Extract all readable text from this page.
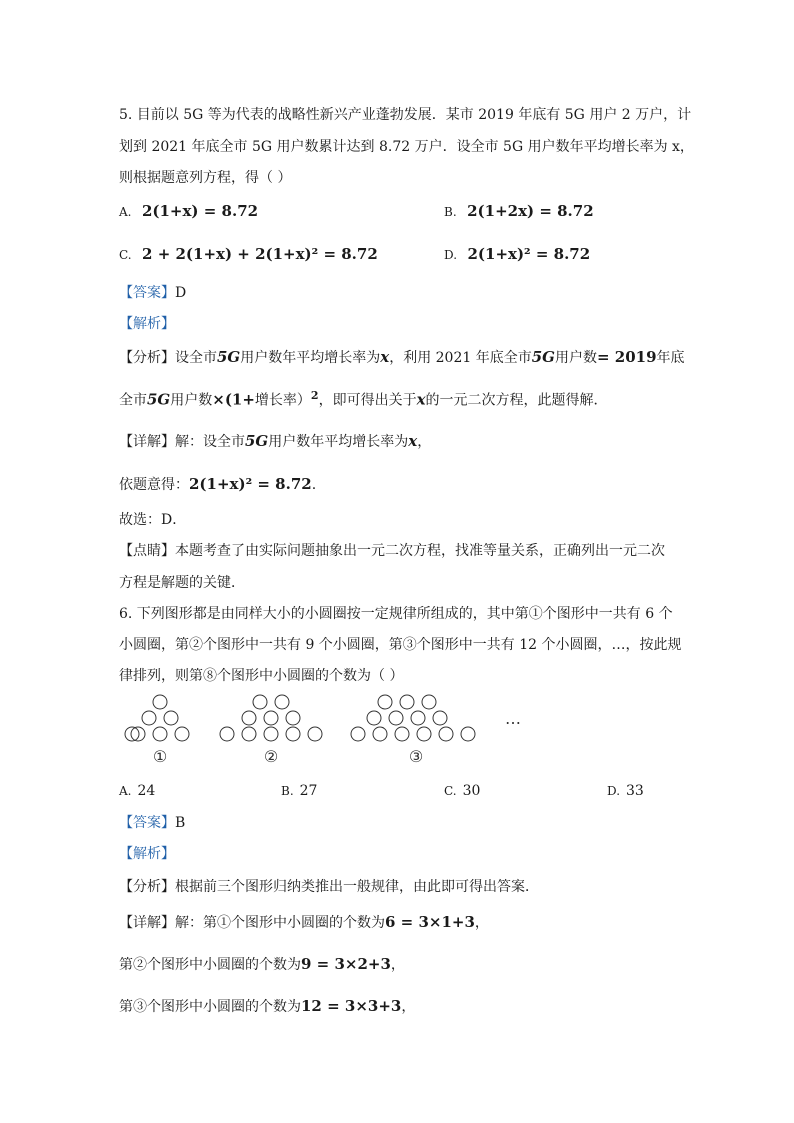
5. 目前以 5G 等为代表的战略性新兴产业蓬勃发展．某市 2019 年底有 5G 用户 2 万户，计
划到 2021 年底全市 5G 用户数累计达到 8.72 万户．设全市 5G 用户数年平均增长率为 x，
则根据题意列方程，得（ ）
A. 2(1+x) = 8.72	B. 2(1+2x) = 8.72
C. 2 + 2(1+x) + 2(1+x)² = 8.72	D. 2(1+x)² = 8.72
【答案】D
【解析】
【分析】设全市5G用户数年平均增长率为x，利用 2021 年底全市5G用户数= 2019年底
全市5G用户数×(1+增长率）$^2$，即可得出关于x的一元二次方程，此题得解．
【详解】解：设全市5G用户数年平均增长率为x，
依题意得：2(1+x)² = 8.72.
故选：D．
【点睛】本题考查了由实际问题抽象出一元二次方程，找准等量关系，正确列出一元二次
方程是解题的关键．
6. 下列图形都是由同样大小的小圆圈按一定规律所组成的，其中第①个图形中一共有 6 个
小圆圈，第②个图形中一共有 9 个小圆圈，第③个图形中一共有 12 个小圆圈，…，按此规
律排列，则第⑧个图形中小圆圈的个数为（ ）
①	②	③
…
A. 24	B. 27	C. 30	D. 33
【答案】B
【解析】
【分析】根据前三个图形归纳类推出一般规律，由此即可得出答案．
【详解】解：第①个图形中小圆圈的个数为6 = 3×1+3，
第②个图形中小圆圈的个数为9 = 3×2+3，
第③个图形中小圆圈的个数为12 = 3×3+3，
